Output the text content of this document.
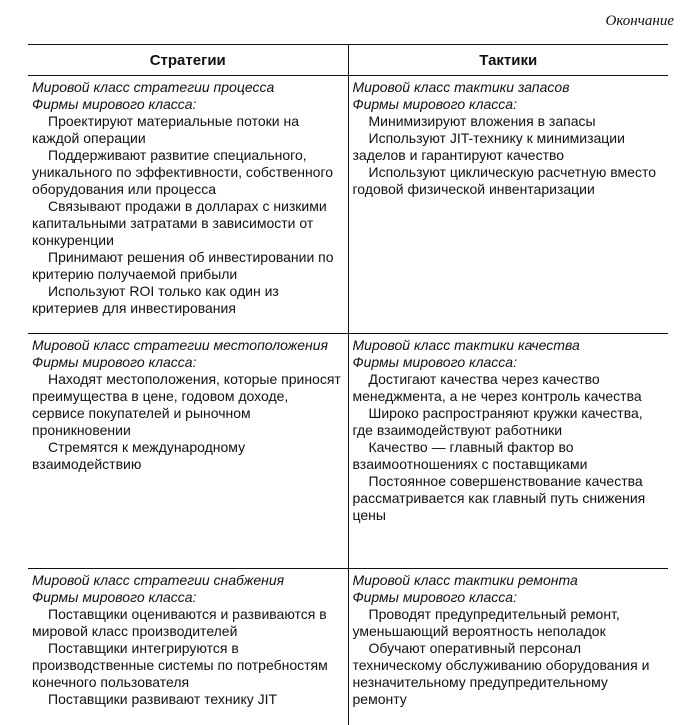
Окончание
Стратегии	Тактики
Мировой класс стратегии процесса
Фирмы мирового класса:
Проектируют материальные потоки на каждой операции
Поддерживают развитие специального, уникального по эффективности, собственного оборудования или процесса
Связывают продажи в долларах с низкими капитальными затратами в зависимости от конкуренции
Принимают решения об инвестировании по критерию получаемой прибыли
Используют ROI только как один из критериев для инвестирования
Мировой класс тактики запасов
Фирмы мирового класса:
Минимизируют вложения в запасы
Используют JIT-технику к минимизации заделов и гарантируют качество
Используют циклическую расчетную вместо годовой физической инвентаризации
Мировой класс стратегии местоположения
Фирмы мирового класса:
Находят местоположения, которые приносят преимущества в цене, годовом доходе, сервисе покупателей и рыночном проникновении
Стремятся к международному взаимодействию
Мировой класс тактики качества
Фирмы мирового класса:
Достигают качества через качество менеджмента, а не через контроль качества
Широко распространяют кружки качества, где взаимодействуют работники
Качество — главный фактор во взаимоотношениях с поставщиками
Постоянное совершенствование качества рассматривается как главный путь снижения цены
Мировой класс стратегии снабжения
Фирмы мирового класса:
Поставщики оцениваются и развиваются в мировой класс производителей
Поставщики интегрируются в производственные системы по потребностям конечного пользователя
Поставщики развивают технику JIT
Мировой класс тактики ремонта
Фирмы мирового класса:
Проводят предупредительный ремонт, уменьшающий вероятность неполадок
Обучают оперативный персонал техническому обслуживанию оборудования и незначительному предупредительному ремонту
